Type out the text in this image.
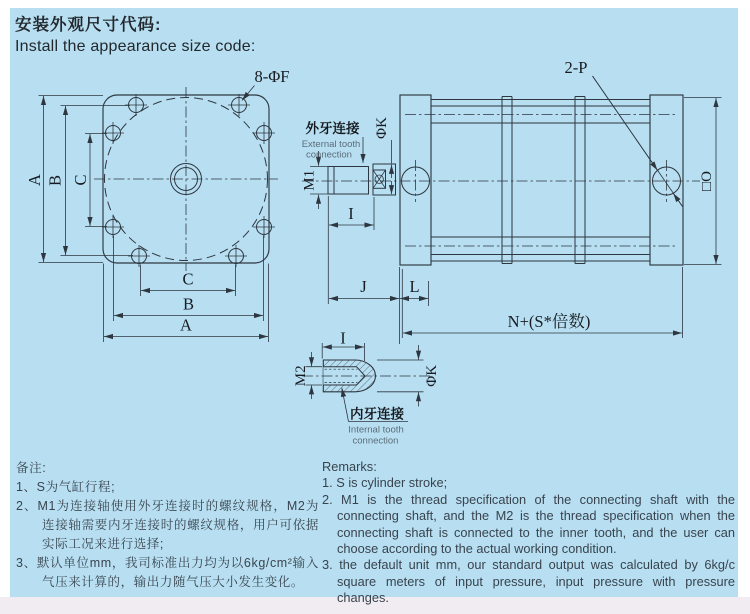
安装外观尺寸代码:
Install the appearance size code:
A B C
C
B
A
8-ΦF	2-P
外牙连接
External tooth
connection
M1
ΦK
I
J	L
N+(S*倍数)
□O
I
M2	ΦK
内牙连接
Internal tooth
connection
备注:
1、S为气缸行程;
2、M1为连接轴使用外牙连接时的螺纹规格，M2为连接轴需要内牙连接时的螺纹规格，用户可依据实际工况来进行选择;
3、默认单位mm，我司标准出力均为以6kg/cm²输入气压来计算的，输出力随气压大小发生变化。
Remarks:
1. S is cylinder stroke;
2. M1 is the thread specification of the connecting shaft with the connecting shaft, and the M2 is the thread specification when the connecting shaft is connected to the inner tooth, and the user can choose according to the actual working condition.
3. the default unit mm, our standard output was calculated by 6kg/c square meters of input pressure, input pressure with pressure changes.
